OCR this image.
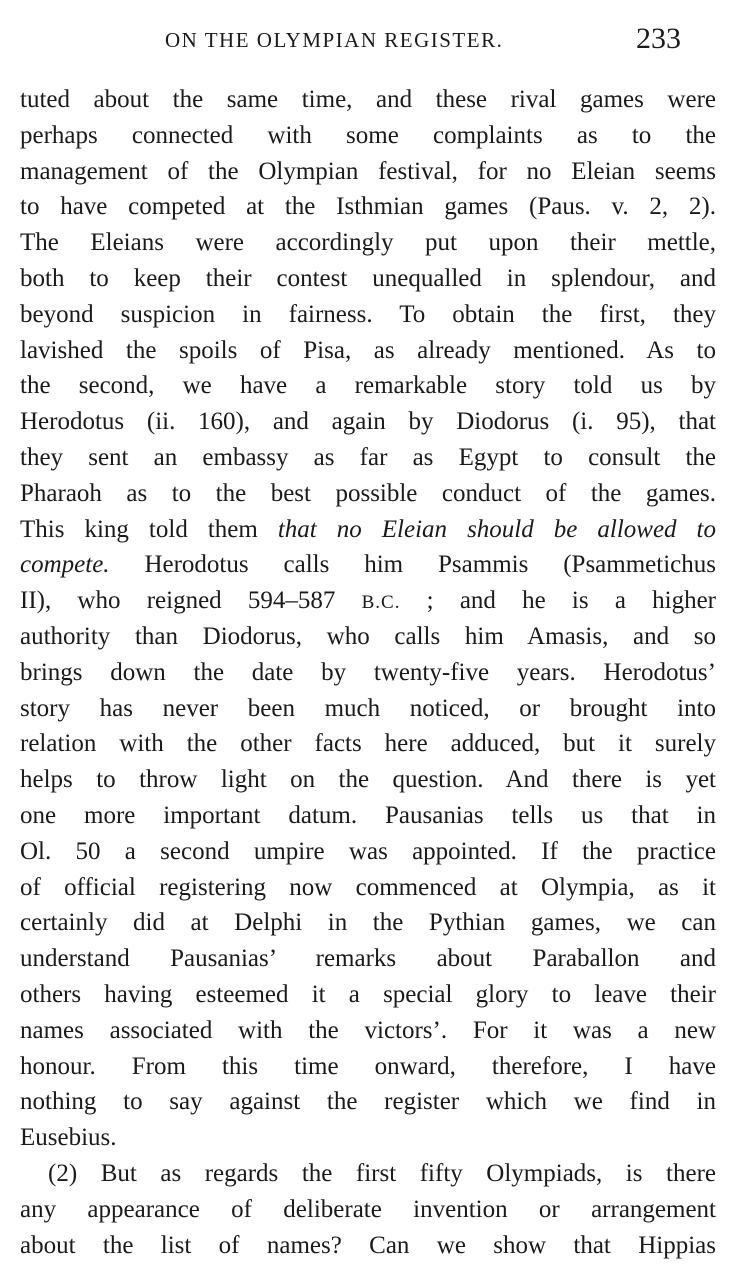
ON THE OLYMPIAN REGISTER.	233
tuted about the same time, and these rival games were
perhaps connected with some complaints as to the
management of the Olympian festival, for no Eleian seems
to have competed at the Isthmian games (Paus. v. 2, 2).
The Eleians were accordingly put upon their mettle,
both to keep their contest unequalled in splendour, and
beyond suspicion in fairness. To obtain the first, they
lavished the spoils of Pisa, as already mentioned. As to
the second, we have a remarkable story told us by
Herodotus (ii. 160), and again by Diodorus (i. 95), that
they sent an embassy as far as Egypt to consult the
Pharaoh as to the best possible conduct of the games.
This king told them that no Eleian should be allowed to
compete. Herodotus calls him Psammis (Psammetichus
II), who reigned 594–587 B.C. ; and he is a higher
authority than Diodorus, who calls him Amasis, and so
brings down the date by twenty-five years. Herodotus’
story has never been much noticed, or brought into
relation with the other facts here adduced, but it surely
helps to throw light on the question. And there is yet
one more important datum. Pausanias tells us that in
Ol. 50 a second umpire was appointed. If the practice
of official registering now commenced at Olympia, as it
certainly did at Delphi in the Pythian games, we can
understand Pausanias’ remarks about Paraballon and
others having esteemed it a special glory to leave their
names associated with the victors’. For it was a new
honour. From this time onward, therefore, I have
nothing to say against the register which we find in
Eusebius.
(2) But as regards the first fifty Olympiads, is there
any appearance of deliberate invention or arrangement
about the list of names? Can we show that Hippias
